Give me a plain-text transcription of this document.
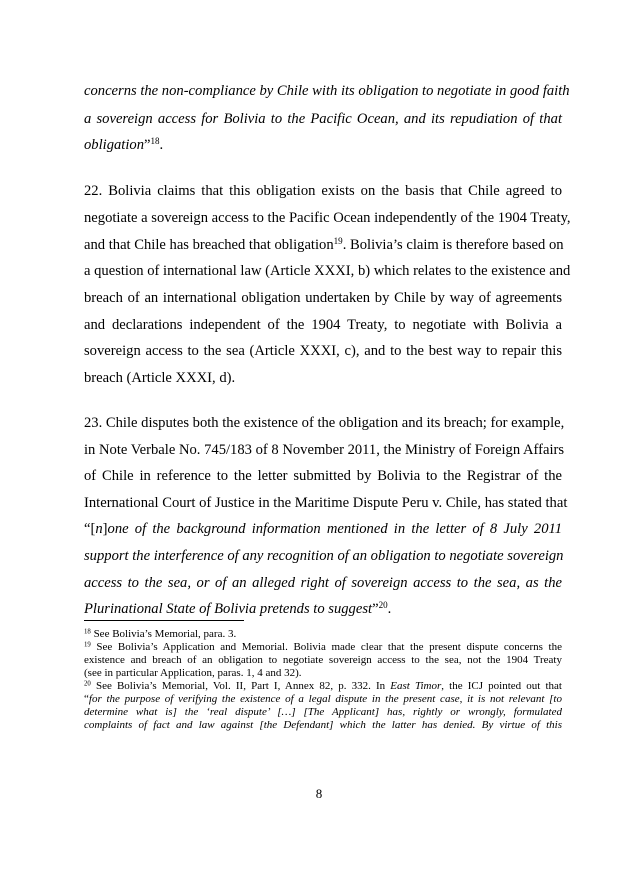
concerns the non-compliance by Chile with its obligation to negotiate in good faith
a sovereign access for Bolivia to the Pacific Ocean, and its repudiation of that
obligation”$^{18}$.
22. Bolivia claims that this obligation exists on the basis that Chile agreed to
negotiate a sovereign access to the Pacific Ocean independently of the 1904 Treaty,
and that Chile has breached that obligation$^{19}$. Bolivia’s claim is therefore based on
a question of international law (Article XXXI, b) which relates to the existence and
breach of an international obligation undertaken by Chile by way of agreements
and declarations independent of the 1904 Treaty, to negotiate with Bolivia a
sovereign access to the sea (Article XXXI, c), and to the best way to repair this
breach (Article XXXI, d).
23. Chile disputes both the existence of the obligation and its breach; for example,
in Note Verbale No. 745/183 of 8 November 2011, the Ministry of Foreign Affairs
of Chile in reference to the letter submitted by Bolivia to the Registrar of the
International Court of Justice in the Maritime Dispute Peru v. Chile, has stated that
“[n]one of the background information mentioned in the letter of 8 July 2011
support the interference of any recognition of an obligation to negotiate sovereign
access to the sea, or of an alleged right of sovereign access to the sea, as the
Plurinational State of Bolivia pretends to suggest”$^{20}$.
$^{18}$ See Bolivia’s Memorial, para. 3.
$^{19}$ See Bolivia’s Application and Memorial. Bolivia made clear that the present dispute concerns the
existence and breach of an obligation to negotiate sovereign access to the sea, not the 1904 Treaty
(see in particular Application, paras. 1, 4 and 32).
$^{20}$ See Bolivia’s Memorial, Vol. II, Part I, Annex 82, p. 332. In East Timor, the ICJ pointed out that
“for the purpose of verifying the existence of a legal dispute in the present case, it is not relevant [to
determine what is] the ‘real dispute’ […] [The Applicant] has, rightly or wrongly, formulated
complaints of fact and law against [the Defendant] which the latter has denied. By virtue of this
8
